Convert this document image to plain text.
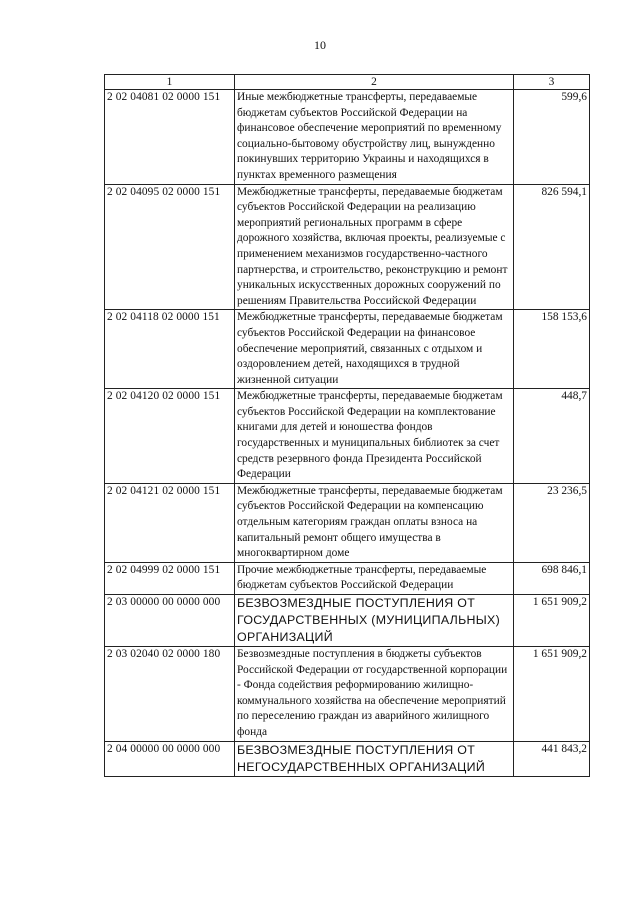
10
1	2	3
2 02 04081 02 0000 151	Иные межбюджетные трансферты, передаваемые бюджетам субъектов Российской Федерации на финансовое обеспечение мероприятий по временному социально-бытовому обустройству лиц, вынужденно покинувших территорию Украины и находящихся в пунктах временного размещения	599,6
2 02 04095 02 0000 151	Межбюджетные трансферты, передаваемые бюджетам субъектов Российской Федерации на реализацию мероприятий региональных программ в сфере дорожного хозяйства, включая проекты, реализуемые с применением механизмов государственно-частного партнерства, и строительство, реконструкцию и ремонт уникальных искусственных дорожных сооружений по решениям Правительства Российской Федерации	826 594,1
2 02 04118 02 0000 151	Межбюджетные трансферты, передаваемые бюджетам субъектов Российской Федерации на финансовое обеспечение мероприятий, связанных с отдыхом и оздоровлением детей, находящихся в трудной жизненной ситуации	158 153,6
2 02 04120 02 0000 151	Межбюджетные трансферты, передаваемые бюджетам субъектов Российской Федерации на комплектование книгами для детей и юношества фондов государственных и муниципальных библиотек за счет средств резервного фонда Президента Российской Федерации	448,7
2 02 04121 02 0000 151	Межбюджетные трансферты, передаваемые бюджетам субъектов Российской Федерации на компенсацию отдельным категориям граждан оплаты взноса на капитальный ремонт общего имущества в многоквартирном доме	23 236,5
2 02 04999 02 0000 151	Прочие межбюджетные трансферты, передаваемые бюджетам субъектов Российской Федерации	698 846,1
2 03 00000 00 0000 000	БЕЗВОЗМЕЗДНЫЕ ПОСТУПЛЕНИЯ ОТ ГОСУДАРСТВЕННЫХ (МУНИЦИПАЛЬНЫХ) ОРГАНИЗАЦИЙ	1 651 909,2
2 03 02040 02 0000 180	Безвозмездные поступления в бюджеты субъектов Российской Федерации от государственной корпорации - Фонда содействия реформированию жилищно-коммунального хозяйства на обеспечение мероприятий по переселению граждан из аварийного жилищного фонда	1 651 909,2
2 04 00000 00 0000 000	БЕЗВОЗМЕЗДНЫЕ ПОСТУПЛЕНИЯ ОТ НЕГОСУДАРСТВЕННЫХ ОРГАНИЗАЦИЙ	441 843,2
